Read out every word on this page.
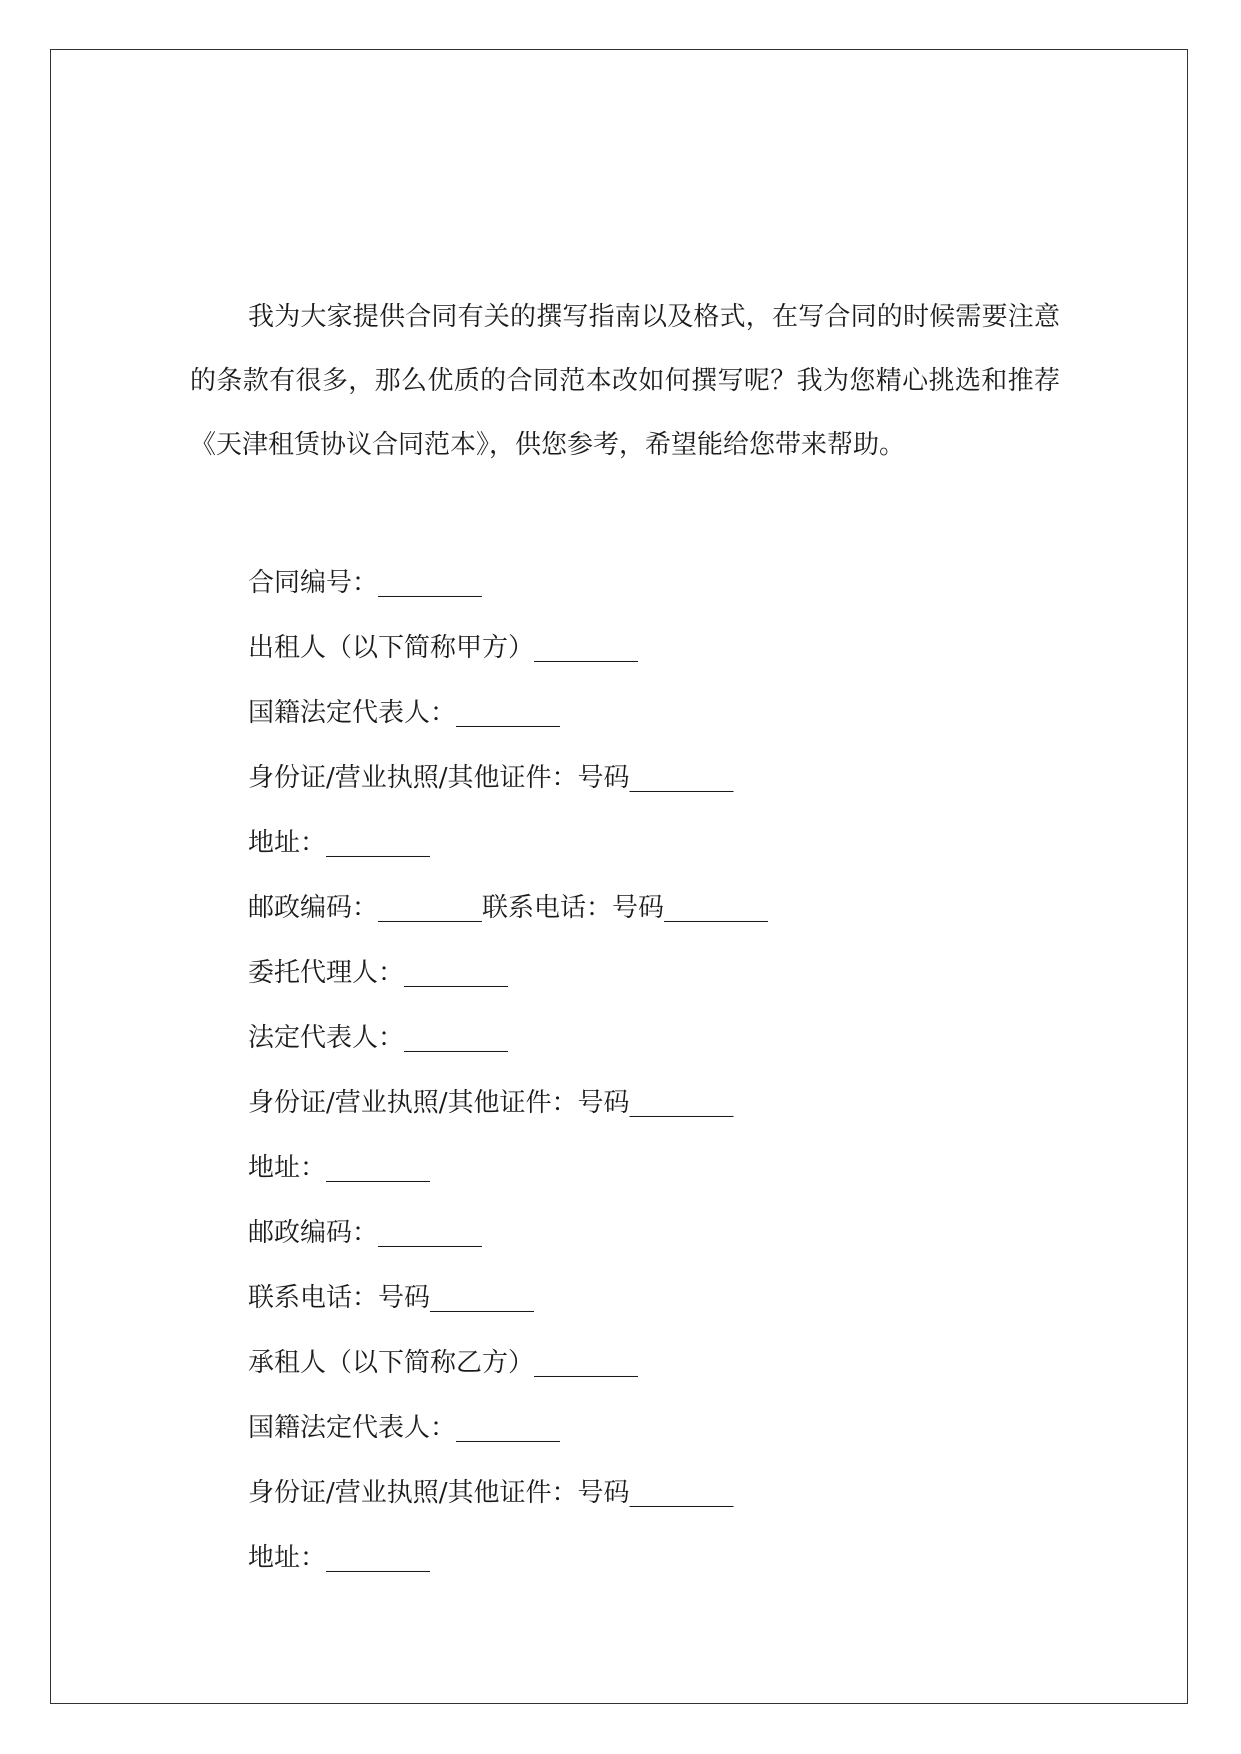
我为大家提供合同有关的撰写指南以及格式，在写合同的时候需要注意的条款有很多，那么优质的合同范本改如何撰写呢？我为您精心挑选和推荐《天津租赁协议合同范本》，供您参考，希望能给您带来帮助。

合同编号：________
出租人（以下简称甲方）________
国籍法定代表人：________
身份证/营业执照/其他证件：号码________
地址：________
邮政编码：________联系电话：号码________
委托代理人：________
法定代表人：________
身份证/营业执照/其他证件：号码________
地址：________
邮政编码：________
联系电话：号码________
承租人（以下简称乙方）________
国籍法定代表人：________
身份证/营业执照/其他证件：号码________
地址：________
